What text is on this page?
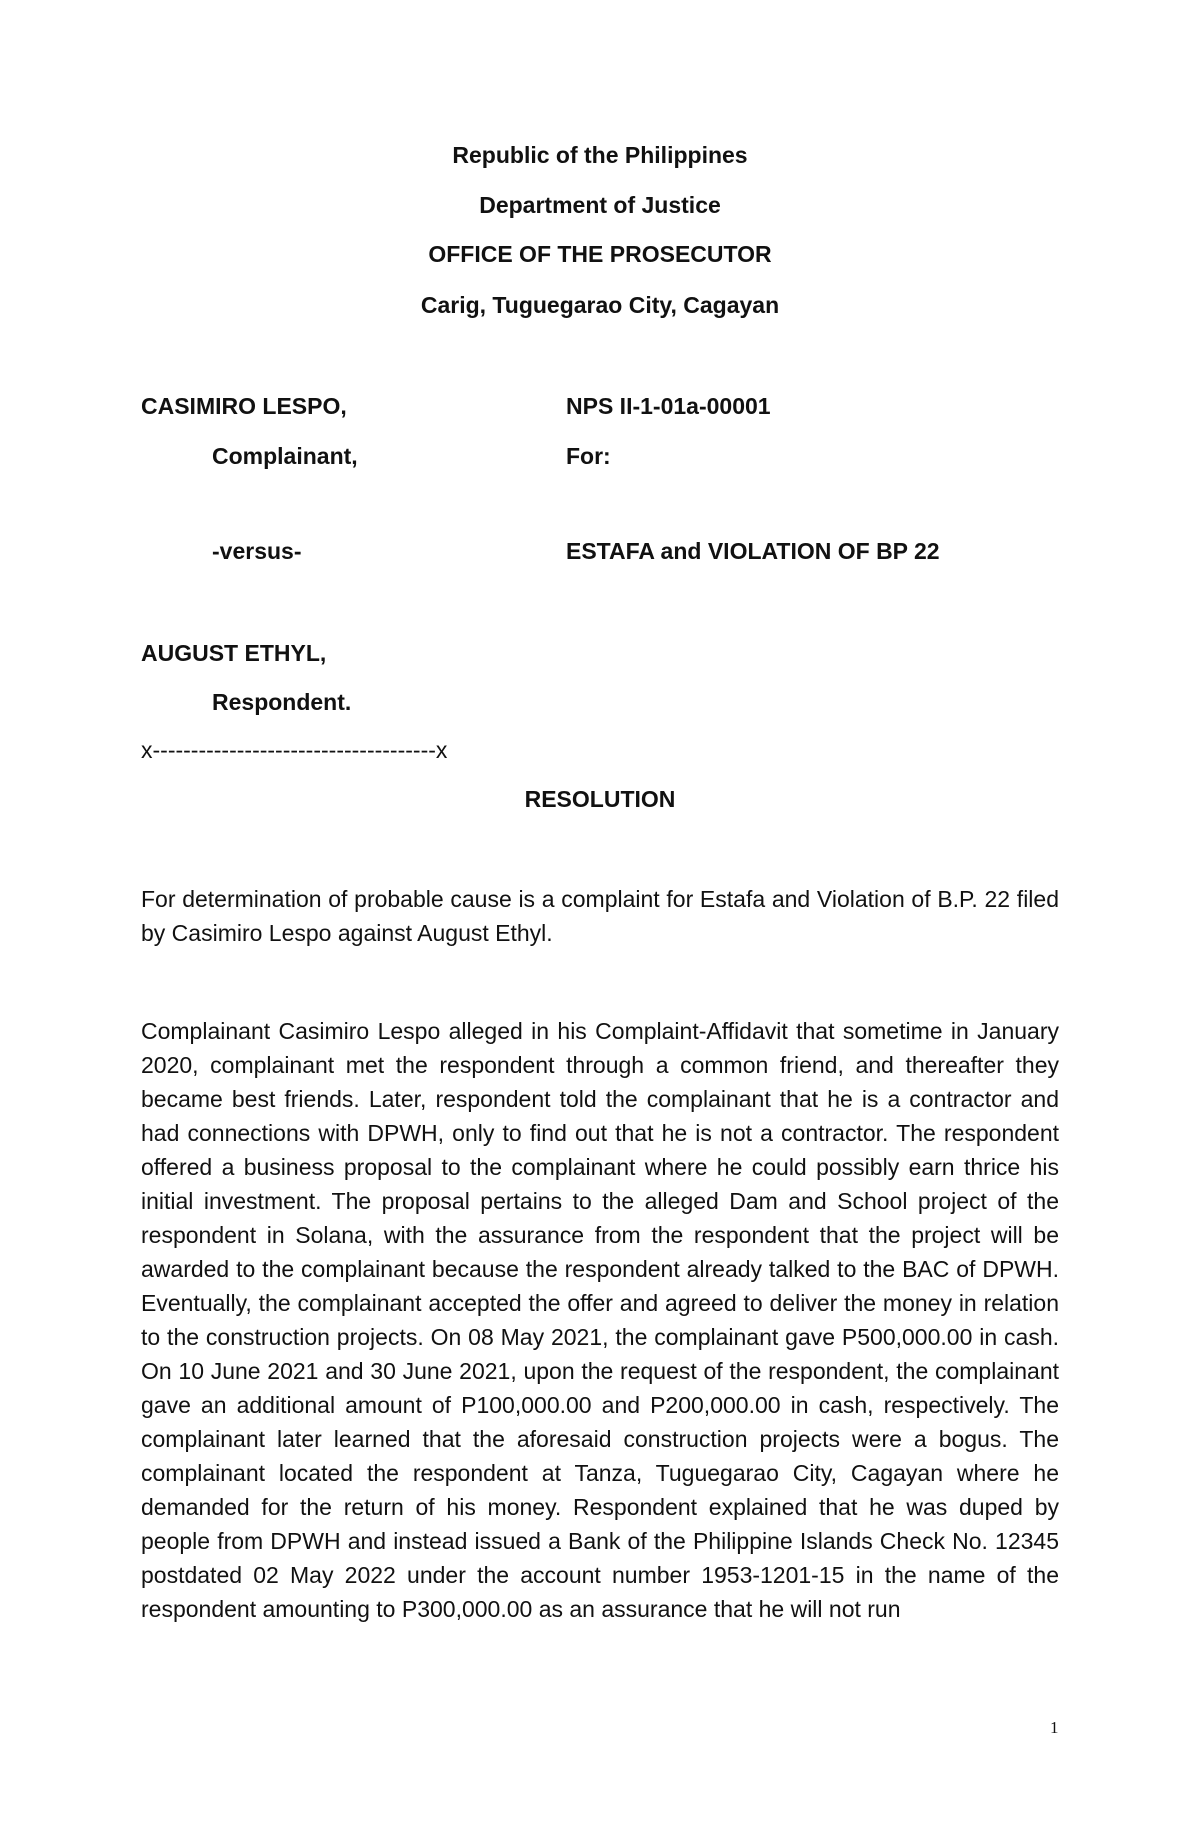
Republic of the Philippines
Department of Justice
OFFICE OF THE PROSECUTOR
Carig, Tuguegarao City, Cagayan
CASIMIRO LESPO,
Complainant,
NPS II-1-01a-00001
For:
-versus-	ESTAFA and VIOLATION OF BP 22
AUGUST ETHYL,
Respondent.
x-------------------------------------x
RESOLUTION
For determination of probable cause is a complaint for Estafa and Violation of B.P. 22 filed by Casimiro Lespo against August Ethyl.
Complainant Casimiro Lespo alleged in his Complaint-Affidavit that sometime in January 2020, complainant met the respondent through a common friend, and thereafter they became best friends. Later, respondent told the complainant that he is a contractor and had connections with DPWH, only to find out that he is not a contractor. The respondent offered a business proposal to the complainant where he could possibly earn thrice his initial investment. The proposal pertains to the alleged Dam and School project of the respondent in Solana, with the assurance from the respondent that the project will be awarded to the complainant because the respondent already talked to the BAC of DPWH. Eventually, the complainant accepted the offer and agreed to deliver the money in relation to the construction projects. On 08 May 2021, the complainant gave P500,000.00 in cash. On 10 June 2021 and 30 June 2021, upon the request of the respondent, the complainant gave an additional amount of P100,000.00 and P200,000.00 in cash, respectively. The complainant later learned that the aforesaid construction projects were a bogus. The complainant located the respondent at Tanza, Tuguegarao City, Cagayan where he demanded for the return of his money. Respondent explained that he was duped by people from DPWH and instead issued a Bank of the Philippine Islands Check No. 12345 postdated 02 May 2022 under the account number 1953-1201-15 in the name of the respondent amounting to P300,000.00 as an assurance that he will not run
1
